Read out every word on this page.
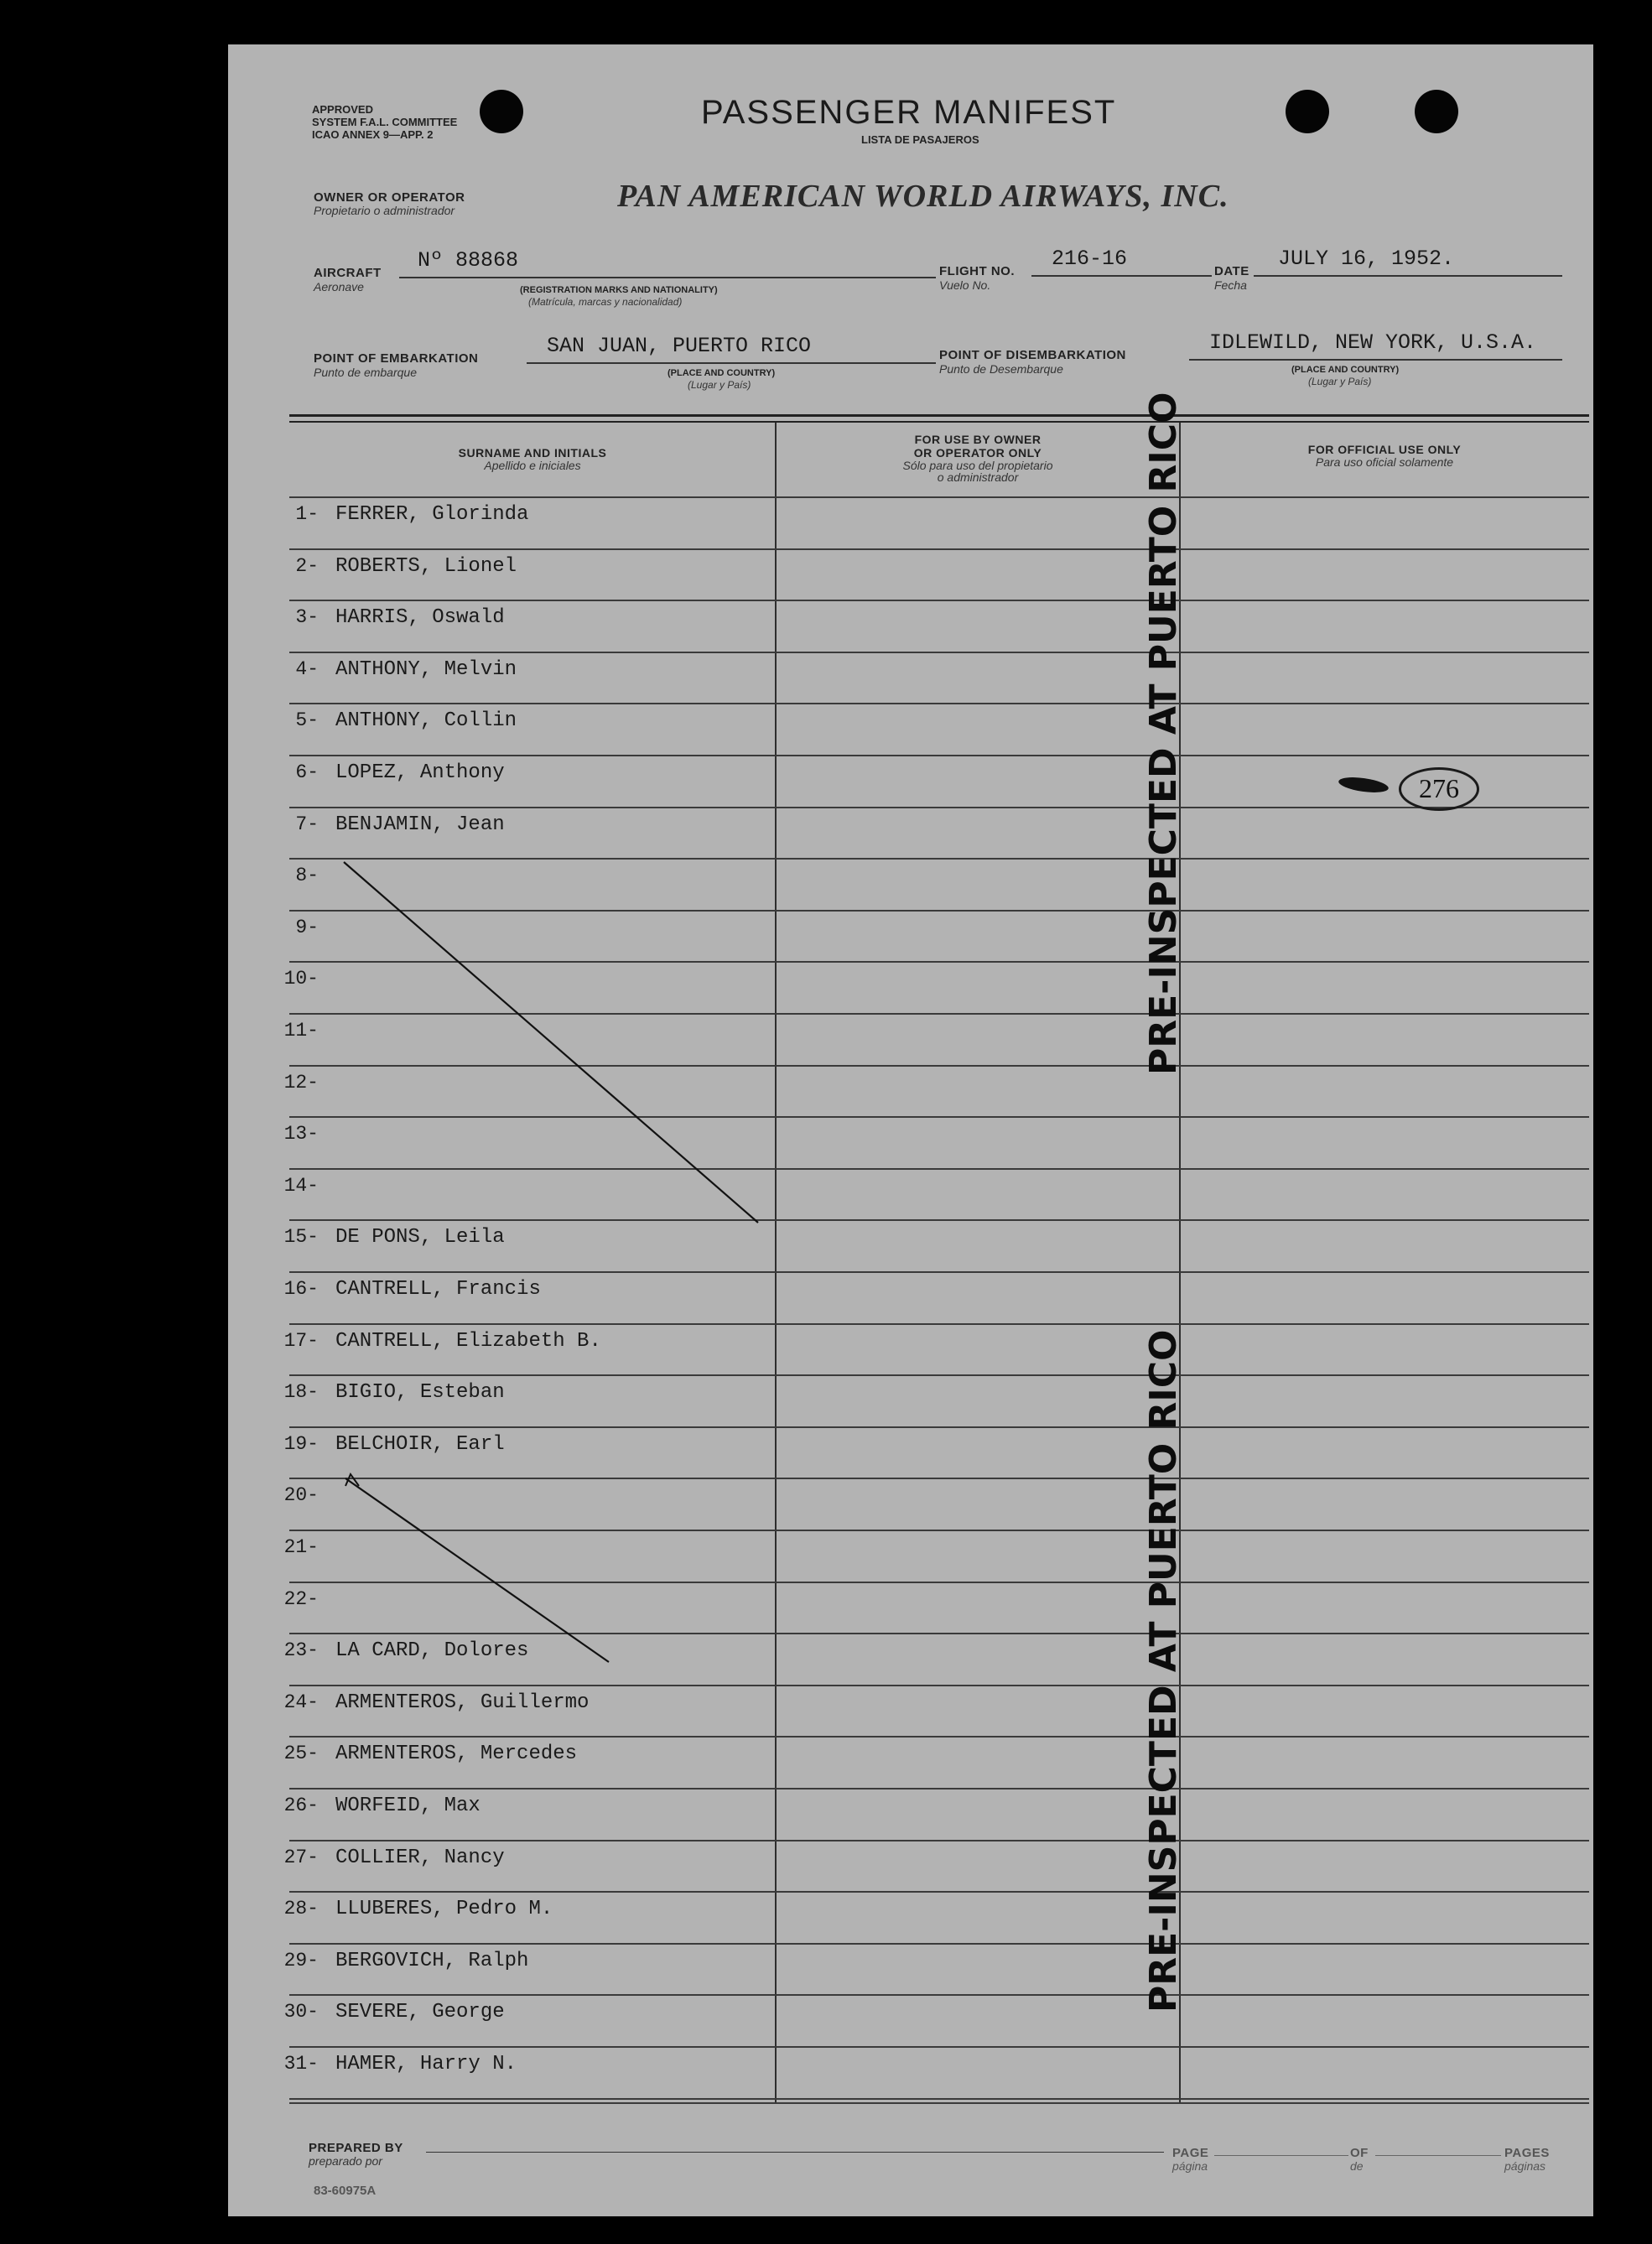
APPROVED
SYSTEM F.A.L. COMMITTEE
ICAO ANNEX 9—APP. 2
PASSENGER MANIFEST
LISTA DE PASAJEROS
OWNER OR OPERATOR
Propietario o administrador	PAN AMERICAN WORLD AIRWAYS, INC.
AIRCRAFT
Aeronave
Nº 88868
(REGISTRATION MARKS AND NATIONALITY)
(Matrícula, marcas y nacionalidad)
FLIGHT NO.
Vuelo No.
216-16
DATE
Fecha
JULY 16, 1952.
POINT OF EMBARKATION
Punto de embarque
SAN JUAN, PUERTO RICO
(PLACE AND COUNTRY)
(Lugar y País)
POINT OF DISEMBARKATION
Punto de Desembarque
IDLEWILD, NEW YORK, U.S.A.
(PLACE AND COUNTRY)
(Lugar y País)
SURNAME AND INITIALS
Apellido e iniciales
FOR USE BY OWNER
OR OPERATOR ONLY
Sólo para uso del propietario
o administrador
FOR OFFICIAL USE ONLY
Para uso oficial solamente
1- FERRER, Glorinda
2- ROBERTS, Lionel
3- HARRIS, Oswald
4- ANTHONY, Melvin
5- ANTHONY, Collin
6- LOPEZ, Anthony
7- BENJAMIN, Jean
8-
9-
10-
11-
12-
13-
14-
15- DE PONS, Leila
16- CANTRELL, Francis
17- CANTRELL, Elizabeth B.
18- BIGIO, Esteban
19- BELCHOIR, Earl
20-
21-
22-
23- LA CARD, Dolores
24- ARMENTEROS, Guillermo
25- ARMENTEROS, Mercedes
26- WORFEID, Max
27- COLLIER, Nancy
28- LLUBERES, Pedro M.
29- BERGOVICH, Ralph
30- SEVERE, George
31- HAMER, Harry N.
PRE-INSPECTED AT PUERTO RICO
PRE-INSPECTED AT PUERTO RICO
276
PREPARED BY
preparado por
PAGE
página
OF
de
PAGES
páginas
83-60975A
